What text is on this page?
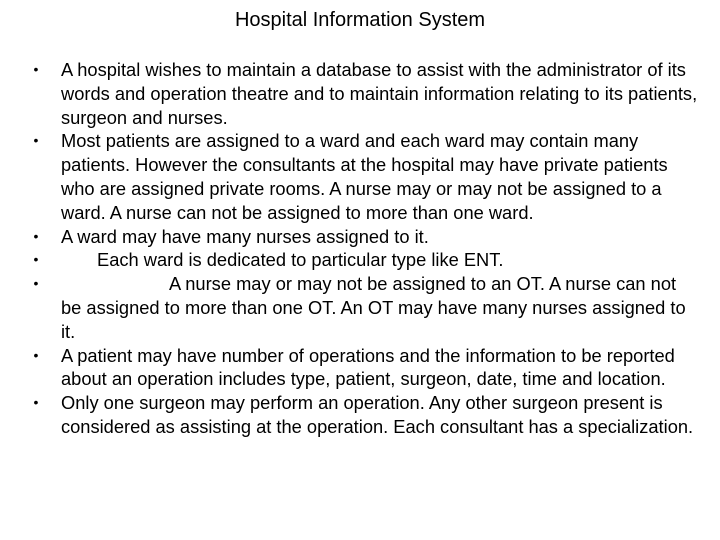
Hospital Information System
• A hospital wishes to maintain a database to assist with the administrator of its words and operation theatre and to maintain information relating to its patients, surgeon and nurses.
• Most patients are assigned to a ward and each ward may contain many patients. However the consultants at the hospital may have private patients who are assigned private rooms. A nurse may or may not be assigned to a ward. A nurse can not be assigned to more than one ward.
• A ward may have many nurses assigned to it.
•	Each ward is dedicated to particular type like ENT.
•	A nurse may or may not be assigned to an OT. A nurse can not be assigned to more than one OT. An OT may have many nurses assigned to it.
• A patient may have number of operations and the information to be reported about an operation includes type, patient, surgeon, date, time and location.
• Only one surgeon may perform an operation. Any other surgeon present is considered as assisting at the operation. Each consultant has a specialization.
